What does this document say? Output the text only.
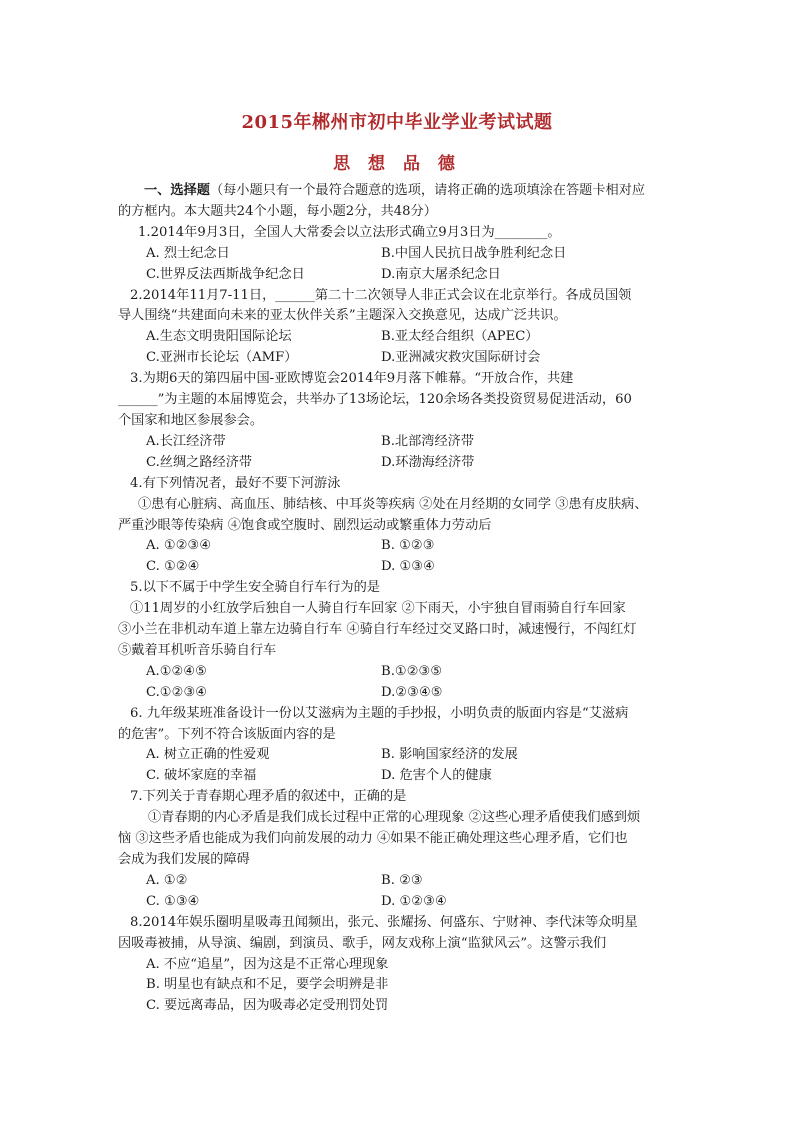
2015年郴州市初中毕业学业考试试题
思 想 品 德
一、选择题（每小题只有一个最符合题意的选项，请将正确的选项填涂在答题卡相对应
的方框内。本大题共24个小题，每小题2分，共48分）
1.2014年9月3日，全国人大常委会以立法形式确立9月3日为________。
A. 烈士纪念日	B.中国人民抗日战争胜利纪念日
C.世界反法西斯战争纪念日	D.南京大屠杀纪念日
2.2014年11月7-11日，______第二十二次领导人非正式会议在北京举行。各成员国领
导人围绕“共建面向未来的亚太伙伴关系”主题深入交换意见，达成广泛共识。
A.生态文明贵阳国际论坛	B.亚太经合组织（APEC）
C.亚洲市长论坛（AMF）	D.亚洲减灾救灾国际研讨会
3.为期6天的第四届中国-亚欧博览会2014年9月落下帷幕。“开放合作，共建
______”为主题的本届博览会，共举办了13场论坛，120余场各类投资贸易促进活动，60
个国家和地区参展参会。
A.长江经济带	B.北部湾经济带
C.丝绸之路经济带	D.环渤海经济带
4.有下列情况者，最好不要下河游泳
①患有心脏病、高血压、肺结核、中耳炎等疾病 ②处在月经期的女同学 ③患有皮肤病、
严重沙眼等传染病 ④饱食或空腹时、剧烈运动或繁重体力劳动后
A. ①②③④	B. ①②③
C. ①②④	D. ①③④
5.以下不属于中学生安全骑自行车行为的是
①11周岁的小红放学后独自一人骑自行车回家 ②下雨天，小宇独自冒雨骑自行车回家
③小兰在非机动车道上靠左边骑自行车 ④骑自行车经过交叉路口时，减速慢行，不闯红灯
⑤戴着耳机听音乐骑自行车
A.①②④⑤	B.①②③⑤
C.①②③④	D.②③④⑤
6. 九年级某班准备设计一份以艾滋病为主题的手抄报，小明负责的版面内容是“艾滋病
的危害”。下列不符合该版面内容的是
A. 树立正确的性爱观	B. 影响国家经济的发展
C. 破坏家庭的幸福	D. 危害个人的健康
7.下列关于青春期心理矛盾的叙述中，正确的是
①青春期的内心矛盾是我们成长过程中正常的心理现象 ②这些心理矛盾使我们感到烦
恼 ③这些矛盾也能成为我们向前发展的动力 ④如果不能正确处理这些心理矛盾，它们也
会成为我们发展的障碍
A. ①②	B. ②③
C. ①③④	D. ①②③④
8.2014年娱乐圈明星吸毒丑闻频出，张元、张耀扬、何盛东、宁财神、李代沫等众明星
因吸毒被捕，从导演、编剧，到演员、歌手，网友戏称上演“监狱风云”。这警示我们
A. 不应“追星”，因为这是不正常心理现象
B. 明星也有缺点和不足，要学会明辨是非
C. 要远离毒品，因为吸毒必定受刑罚处罚
